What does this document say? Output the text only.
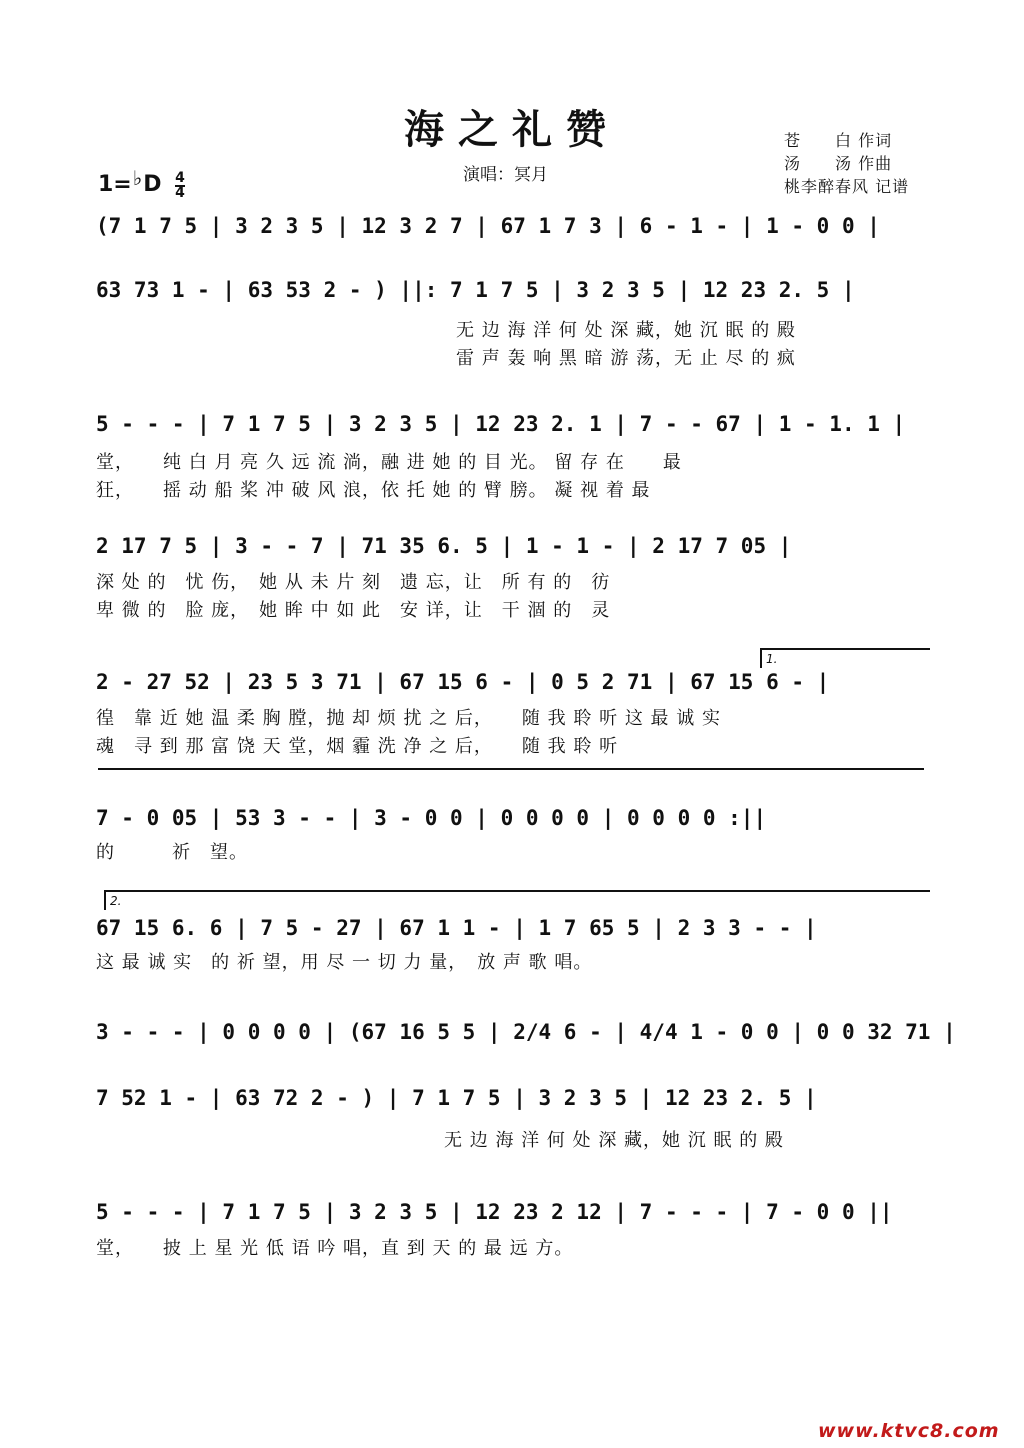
海之礼赞
1=♭D $\frac{4}{4}$	演唱：冥月
苍　　白 作词
汤　　汤 作曲
桃李醉春风 记谱
(7 1 7 5 | 3 2 3 5 | 12 3 2 7 | 67 1 7 3 | 6 - 1 - | 1 - 0 0 |
63 73 1 - | 63 53 2 - ) ||: 7 1 7 5 | 3 2 3 5 | 12 23 2. 5 |
无 边 海 洋 何 处 深 藏，她 沉 眠 的 殿
雷 声 轰 响 黑 暗 游 荡，无 止 尽 的 疯
5 - - - | 7 1 7 5 | 3 2 3 5 | 12 23 2. 1 | 7 - - 67 | 1 - 1. 1 |
堂，　　纯 白 月 亮 久 远 流 淌，融 进 她 的 目 光。 留 存 在　　最
狂，　　摇 动 船 桨 冲 破 风 浪，依 托 她 的 臂 膀。 凝 视 着 最
2 17 7 5 | 3 - - 7 | 71 35 6. 5 | 1 - 1 - | 2 17 7 05 |
深 处 的　忧 伤，　她 从 未 片 刻　遗 忘，让　所 有 的　彷
卑 微 的　脸 庞，　她 眸 中 如 此　安 详，让　干 涸 的　灵
1.
2 - 27 52 | 23 5 3 71 | 67 15 6 - | 0 5 2 71 | 67 15 6 - |
徨　靠 近 她 温 柔 胸 膛，抛 却 烦 扰 之 后，　　随 我 聆 听 这 最 诚 实
魂　寻 到 那 富 饶 天 堂，烟 霾 洗 净 之 后，　　随 我 聆 听
7 - 0 05 | 53 3 - - | 3 - 0 0 | 0 0 0 0 | 0 0 0 0 :||
的　　　祈　望。
2.
67 15 6. 6 | 7 5 - 27 | 67 1 1 - | 1 7 65 5 | 2 3 3 - - |
这 最 诚 实　的 祈 望，用 尽 一 切 力 量，　放 声 歌 唱。
3 - - - | 0 0 0 0 | (67 16 5 5 | 2/4 6 - | 4/4 1 - 0 0 | 0 0 32 71 |
7 52 1 - | 63 72 2 - ) | 7 1 7 5 | 3 2 3 5 | 12 23 2. 5 |
无 边 海 洋 何 处 深 藏，她 沉 眠 的 殿
5 - - - | 7 1 7 5 | 3 2 3 5 | 12 23 2 12 | 7 - - - | 7 - 0 0 ||
堂，　　披 上 星 光 低 语 吟 唱，直 到 天 的 最 远 方。
www.ktvc8.com
